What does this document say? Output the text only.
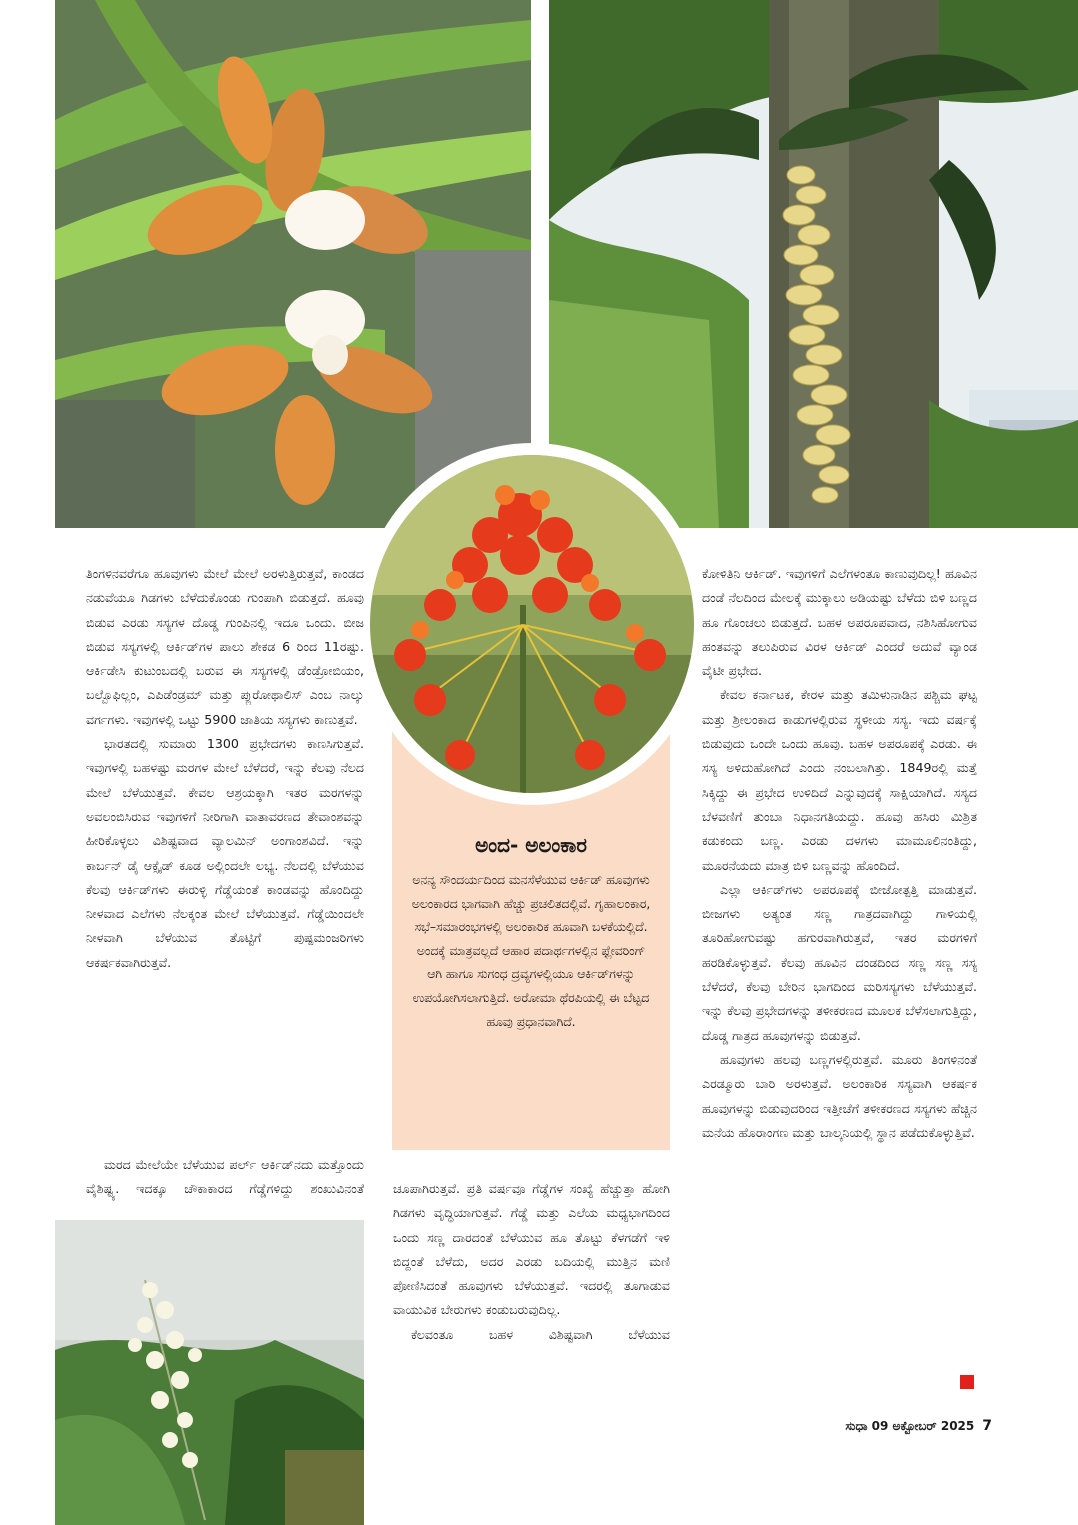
ಅಂದ- ಅಲಂಕಾರ
ಅನನ್ಯ ಸೌಂದರ್ಯದಿಂದ ಮನಸೆಳೆಯುವ ಆರ್ಕಿಡ್ ಹೂವುಗಳು ಅಲಂಕಾರದ ಭಾಗವಾಗಿ ಹೆಚ್ಚು ಪ್ರಚಲಿತದಲ್ಲಿವೆ. ಗೃಹಾಲಂಕಾರ, ಸಭೆ–ಸಮಾರಂಭಗಳಲ್ಲಿ ಅಲಂಕಾರಿಕ ಹೂವಾಗಿ ಬಳಕೆಯಲ್ಲಿದೆ. ಅಂದಕ್ಕೆ ಮಾತ್ರವಲ್ಲದೆ ಆಹಾರ ಪದಾರ್ಥಗಳಲ್ಲಿನ ಫ್ಲೇವರಿಂಗ್ ಆಗಿ ಹಾಗೂ ಸುಗಂಧ ದ್ರವ್ಯಗಳಲ್ಲಿಯೂ ಆರ್ಕಿಡ್‌ಗಳನ್ನು ಉಪಯೋಗಿಸಲಾಗುತ್ತಿದೆ. ಅರೋಮಾ ಥೆರಪಿಯಲ್ಲಿ ಈ ಬೆಟ್ಟದ ಹೂವು ಪ್ರಧಾನವಾಗಿದೆ.

ತಿಂಗಳಿನವರೆಗೂ ಹೂವುಗಳು ಮೇಲೆ ಮೇಲೆ ಅರಳುತ್ತಿರುತ್ತವೆ, ಕಾಂಡದ ನಡುವೆಯೂ ಗಿಡಗಳು ಬೆಳೆದುಕೊಂಡು ಗುಂಪಾಗಿ ಬಿಡುತ್ತದೆ. ಹೂವು ಬಿಡುವ ಎರಡು ಸಸ್ಯಗಳ ದೊಡ್ಡ ಗುಂಪಿನಲ್ಲಿ ಇದೂ ಒಂದು. ಬೀಜ ಬಿಡುವ ಸಸ್ಯಗಳಲ್ಲಿ ಆರ್ಕಿಡ್‌ಗಳ ಪಾಲು ಶೇಕಡ 6 ರಿಂದ 11ರಷ್ಟು. ಆರ್ಕಿಡೇಸಿ ಕುಟುಂಬದಲ್ಲಿ ಬರುವ ಈ ಸಸ್ಯಗಳಲ್ಲಿ ಡೆಂಡ್ರೋಬಿಯಂ, ಬಲ್ಬೊಫಿಲ್ಲಂ, ಎಪಿಡೆಂಡ್ರಮ್ ಮತ್ತು ಪ್ಲುರೋಥಾಲಿಸ್ ಎಂಬ ನಾಲ್ಕು ವರ್ಗಗಳು. ಇವುಗಳಲ್ಲಿ ಒಟ್ಟು 5900 ಜಾತಿಯ ಸಸ್ಯಗಳು ಕಾಣುತ್ತವೆ.

ಭಾರತದಲ್ಲಿ ಸುಮಾರು 1300 ಪ್ರಭೇದಗಳು ಕಾಣಸಿಗುತ್ತವೆ. ಇವುಗಳಲ್ಲಿ ಬಹಳಷ್ಟು ಮರಗಳ ಮೇಲೆ ಬೆಳೆದರೆ, ಇನ್ನು ಕೆಲವು ನೆಲದ ಮೇಲೆ ಬೆಳೆಯುತ್ತವೆ. ಕೇವಲ ಆಶ್ರಯಕ್ಕಾಗಿ ಇತರ ಮರಗಳನ್ನು ಅವಲಂಬಿಸಿರುವ ಇವುಗಳಿಗೆ ನೀರಿಗಾಗಿ ವಾತಾವರಣದ ತೇವಾಂಶವನ್ನು ಹೀರಿಕೊಳ್ಳಲು ವಿಶಿಷ್ಟವಾದ ವ್ಯಾಲಮಿನ್ ಅಂಗಾಂಶವಿದೆ. ಇನ್ನು ಕಾರ್ಬನ್ ಡೈ ಆಕ್ಸೈಡ್ ಕೂಡ ಅಲ್ಲಿಂದಲೇ ಲಭ್ಯ. ನೆಲದಲ್ಲಿ ಬೆಳೆಯುವ ಕೆಲವು ಆರ್ಕಿಡ್‌ಗಳು ಈರುಳ್ಳಿ ಗೆಡ್ಡೆಯಂತೆ ಕಾಂಡವನ್ನು ಹೊಂದಿದ್ದು ನೀಳವಾದ ಎಲೆಗಳು ನೆಲಕ್ಕಂತ ಮೇಲೆ ಬೆಳೆಯುತ್ತವೆ. ಗೆಡ್ಡೆಯಿಂದಲೇ ನೀಳವಾಗಿ ಬೆಳೆಯುವ ತೊಟ್ಟಿಗೆ ಪುಷ್ಪಮಂಜರಿಗಳು ಆಕರ್ಷಕವಾಗಿರುತ್ತವೆ.

ಮರದ ಮೇಲೆಯೇ ಬೆಳೆಯುವ ಪರ್ಲ್ ಆರ್ಕಿಡ್‌ನದು ಮತ್ತೊಂದು ವೈಶಿಷ್ಟ್ಯ. ಇದಕ್ಕೂ ಚೌಕಾಕಾರದ ಗೆಡ್ಡೆಗಳಿದ್ದು ಶಂಖುವಿನಂತೆ ಚೂಪಾಗಿರುತ್ತವೆ. ಪ್ರತಿ ವರ್ಷವೂ ಗೆಡ್ಡೆಗಳ ಸಂಖ್ಯೆ ಹೆಚ್ಚುತ್ತಾ ಹೋಗಿ ಗಿಡಗಳು ವೃದ್ಧಿಯಾಗುತ್ತವೆ. ಗೆಡ್ಡೆ ಮತ್ತು ಎಲೆಯ ಮಧ್ಯಭಾಗದಿಂದ ಒಂದು ಸಣ್ಣ ದಾರದಂತೆ ಬೆಳೆಯುವ ಹೂ ತೊಟ್ಟು ಕೆಳಗಡೆಗೆ ಇಳಿ ಬಿದ್ದಂತೆ ಬೆಳೆದು, ಅದರ ಎರಡು ಬದಿಯಲ್ಲಿ ಮುತ್ತಿನ ಮಣಿ ಪೋಣಿಸಿದಂತೆ ಹೂವುಗಳು ಬೆಳೆಯುತ್ತವೆ. ಇದರಲ್ಲಿ ತೂಗಾಡುವ ವಾಯುವಿಕ ಬೇರುಗಳು ಕಂಡುಬರುವುದಿಲ್ಲ.

ಕೆಲವಂತೂ ಬಹಳ ವಿಶಿಷ್ಟವಾಗಿ ಬೆಳೆಯುವ

ಕೋಳಿತಿನಿ ಆರ್ಕಿಡ್. ಇವುಗಳಿಗೆ ಎಲೆಗಳಂತೂ ಕಾಣುವುದಿಲ್ಲ! ಹೂವಿನ ದಂಡೆ ನೆಲದಿಂದ ಮೇಲಕ್ಕೆ ಮುಕ್ಕಾಲು ಅಡಿಯಷ್ಟು ಬೆಳೆದು ಬಿಳಿ ಬಣ್ಣದ ಹೂ ಗೊಂಚಲು ಬಿಡುತ್ತದೆ. ಬಹಳ ಅಪರೂಪವಾದ, ನಶಿಸಿಹೋಗುವ ಹಂತವನ್ನು ತಲುಪಿರುವ ವಿರಳ ಆರ್ಕಿಡ್ ಎಂದರೆ ಅದುವೆ ವ್ಯಾಂಡ ವೈಟೀ ಪ್ರಭೇದ.

ಕೇವಲ ಕರ್ನಾಟಕ, ಕೇರಳ ಮತ್ತು ತಮಿಳುನಾಡಿನ ಪಶ್ಚಿಮ ಘಟ್ಟ ಮತ್ತು ಶ್ರೀಲಂಕಾದ ಕಾಡುಗಳಲ್ಲಿರುವ ಸ್ಥಳೀಯ ಸಸ್ಯ. ಇದು ವರ್ಷಕ್ಕೆ ಬಿಡುವುದು ಒಂದೇ ಒಂದು ಹೂವು. ಬಹಳ ಅಪರೂಪಕ್ಕೆ ಎರಡು. ಈ ಸಸ್ಯ ಅಳಿದುಹೋಗಿದೆ ಎಂದು ನಂಬಲಾಗಿತ್ತು. 1849ರಲ್ಲಿ ಮತ್ತೆ ಸಿಕ್ಕಿದ್ದು ಈ ಪ್ರಭೇದ ಉಳಿದಿದೆ ಎನ್ನುವುದಕ್ಕೆ ಸಾಕ್ಷಿಯಾಗಿದೆ. ಸಸ್ಯದ ಬೆಳವಣಿಗೆ ತುಂಬಾ ನಿಧಾನಗತಿಯದ್ದು. ಹೂವು ಹಸಿರು ಮಿಶ್ರಿತ ಕಡುಕಂದು ಬಣ್ಣ. ಎರಡು ದಳಗಳು ಮಾಮೂಲಿನಂತಿದ್ದು, ಮೂರನೆಯದು ಮಾತ್ರ ಬಿಳಿ ಬಣ್ಣವನ್ನು ಹೊಂದಿದೆ.

ಎಲ್ಲಾ ಆರ್ಕಿಡ್‌ಗಳು ಅಪರೂಪಕ್ಕೆ ಬೀಜೋತ್ಪತ್ತಿ ಮಾಡುತ್ತವೆ. ಬೀಜಗಳು ಅತ್ಯಂತ ಸಣ್ಣ ಗಾತ್ರದವಾಗಿದ್ದು ಗಾಳಿಯಲ್ಲಿ ತೂರಿಹೋಗುವಷ್ಟು ಹಗುರವಾಗಿರುತ್ತವೆ, ಇತರ ಮರಗಳಿಗೆ ಹರಡಿಕೊಳ್ಳುತ್ತವೆ. ಕೆಲವು ಹೂವಿನ ದಂಡದಿಂದ ಸಣ್ಣ ಸಣ್ಣ ಸಸ್ಯ ಬೆಳೆದರೆ, ಕೆಲವು ಬೇರಿನ ಭಾಗದಿಂದ ಮರಿಸಸ್ಯಗಳು ಬೆಳೆಯುತ್ತವೆ. ಇನ್ನು ಕೆಲವು ಪ್ರಭೇದಗಳನ್ನು ತಳೀಕರಣದ ಮೂಲಕ ಬೆಳೆಸಲಾಗುತ್ತಿದ್ದು, ದೊಡ್ಡ ಗಾತ್ರದ ಹೂವುಗಳನ್ನು ಬಿಡುತ್ತವೆ.

ಹೂವುಗಳು ಹಲವು ಬಣ್ಣಗಳಲ್ಲಿರುತ್ತವೆ. ಮೂರು ತಿಂಗಳಿನಂತೆ ಎರಡ್ಮೂರು ಬಾರಿ ಅರಳುತ್ತವೆ. ಅಲಂಕಾರಿಕ ಸಸ್ಯವಾಗಿ ಆಕರ್ಷಕ ಹೂವುಗಳನ್ನು ಬಿಡುವುದರಿಂದ ಇತ್ತೀಚೆಗೆ ತಳೀಕರಣದ ಸಸ್ಯಗಳು ಹೆಚ್ಚಿನ ಮನೆಯ ಹೊರಾಂಗಣ ಮತ್ತು ಬಾಲ್ಕನಿಯಲ್ಲಿ ಸ್ಥಾನ ಪಡೆದುಕೊಳ್ಳುತ್ತಿವೆ.

ಸುಧಾ 09 ಅಕ್ಟೋಬರ್ 2025 7
